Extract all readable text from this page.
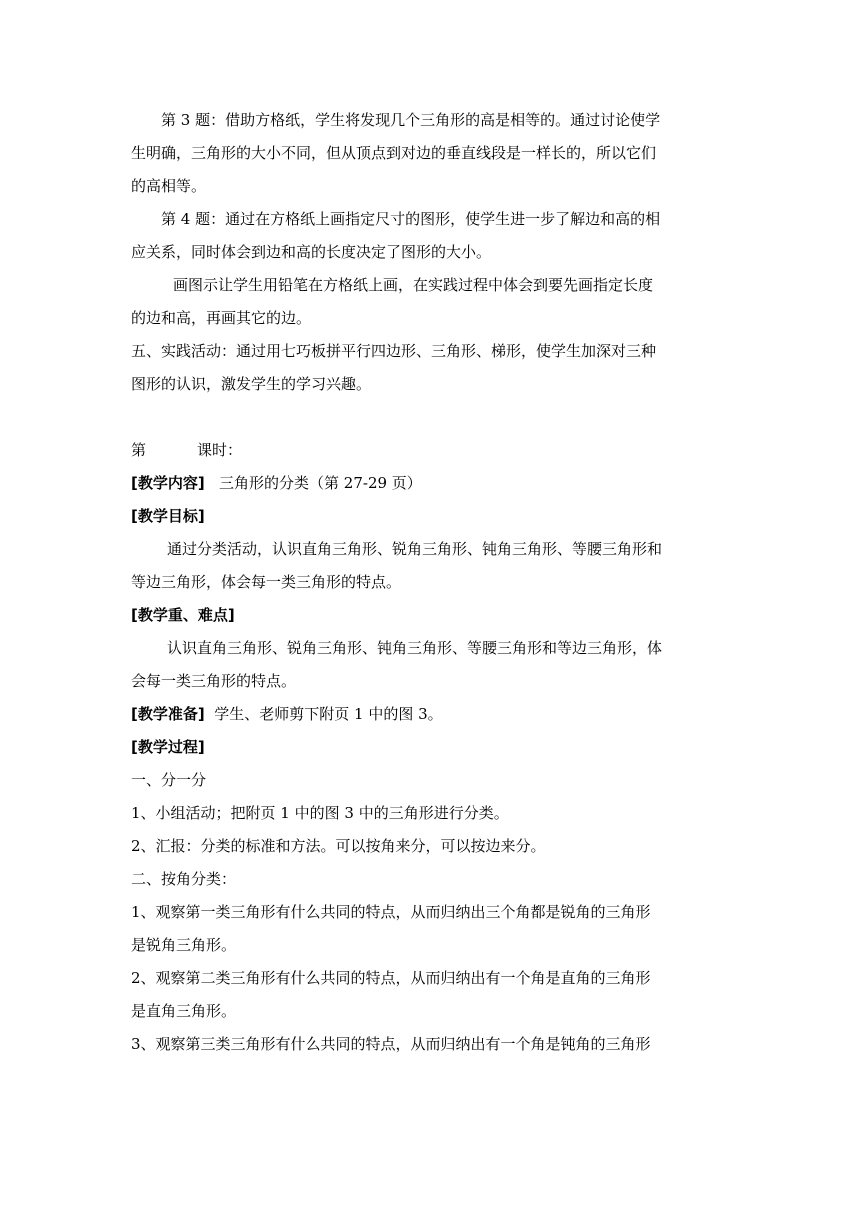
第 3 题：借助方格纸，学生将发现几个三角形的高是相等的。通过讨论使学
生明确，三角形的大小不同，但从顶点到对边的垂直线段是一样长的，所以它们
的高相等。
第 4 题：通过在方格纸上画指定尺寸的图形，使学生进一步了解边和高的相
应关系，同时体会到边和高的长度决定了图形的大小。
画图示让学生用铅笔在方格纸上画，在实践过程中体会到要先画指定长度
的边和高，再画其它的边。
五、实践活动：通过用七巧板拼平行四边形、三角形、梯形，使学生加深对三种
图形的认识，激发学生的学习兴趣。
第	课时：
[教学内容] 三角形的分类（第 27-29 页）
[教学目标]
通过分类活动，认识直角三角形、锐角三角形、钝角三角形、等腰三角形和
等边三角形，体会每一类三角形的特点。
[教学重、难点]
认识直角三角形、锐角三角形、钝角三角形、等腰三角形和等边三角形，体
会每一类三角形的特点。
[教学准备] 学生、老师剪下附页 1 中的图 3。
[教学过程]
一、分一分
1、小组活动；把附页 1 中的图 3 中的三角形进行分类。
2、汇报：分类的标准和方法。可以按角来分，可以按边来分。
二、按角分类：
1、观察第一类三角形有什么共同的特点，从而归纳出三个角都是锐角的三角形
是锐角三角形。
2、观察第二类三角形有什么共同的特点，从而归纳出有一个角是直角的三角形
是直角三角形。
3、观察第三类三角形有什么共同的特点，从而归纳出有一个角是钝角的三角形
